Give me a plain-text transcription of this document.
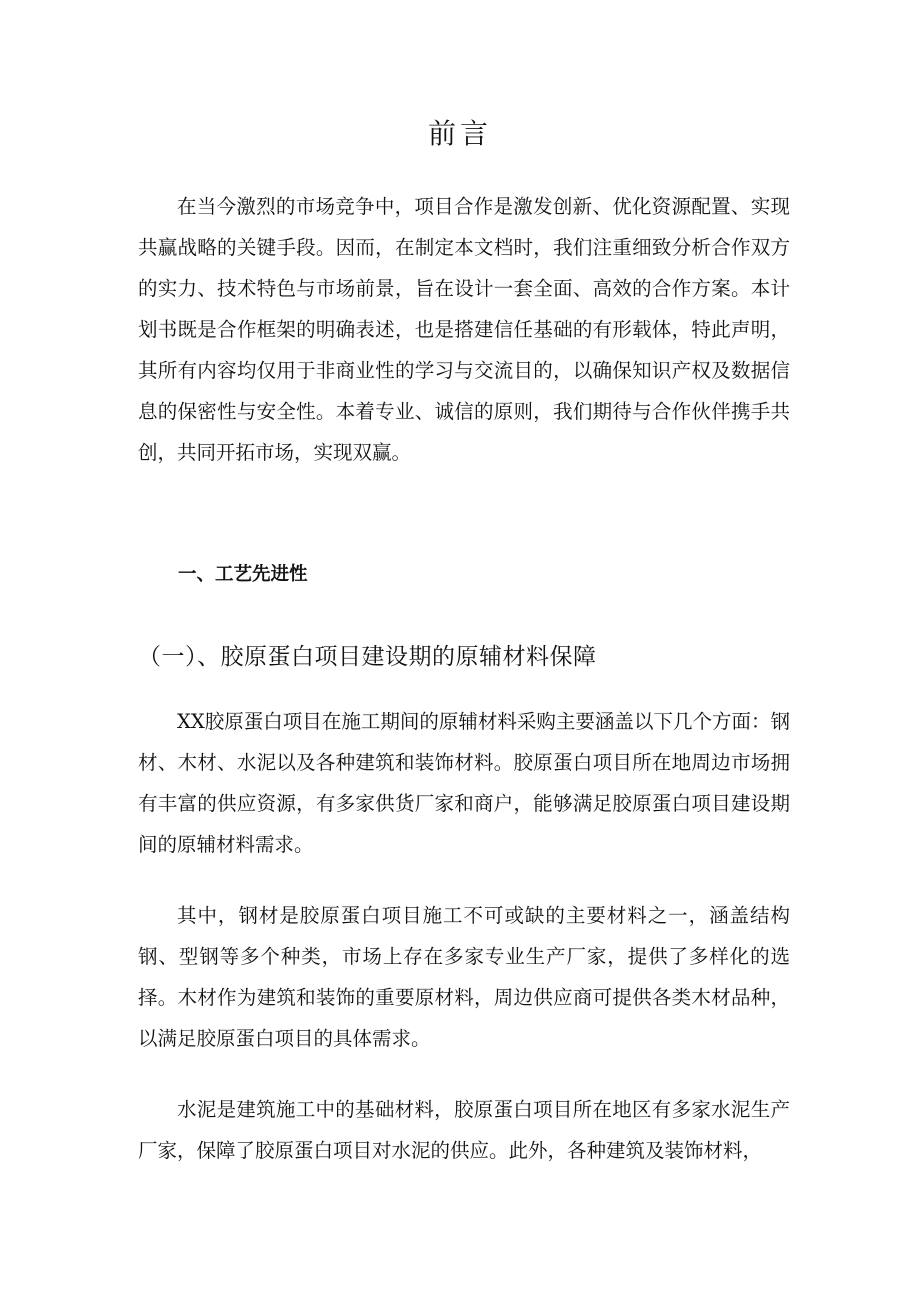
前言

在当今激烈的市场竞争中，项目合作是激发创新、优化资源配置、实现共赢战略的关键手段。因而，在制定本文档时，我们注重细致分析合作双方的实力、技术特色与市场前景，旨在设计一套全面、高效的合作方案。本计划书既是合作框架的明确表述，也是搭建信任基础的有形载体，特此声明，其所有内容均仅用于非商业性的学习与交流目的，以确保知识产权及数据信息的保密性与安全性。本着专业、诚信的原则，我们期待与合作伙伴携手共创，共同开拓市场，实现双赢。

一、工艺先进性
（一）、胶原蛋白项目建设期的原辅材料保障

XX胶原蛋白项目在施工期间的原辅材料采购主要涵盖以下几个方面：钢材、木材、水泥以及各种建筑和装饰材料。胶原蛋白项目所在地周边市场拥有丰富的供应资源，有多家供货厂家和商户，能够满足胶原蛋白项目建设期间的原辅材料需求。

其中，钢材是胶原蛋白项目施工不可或缺的主要材料之一，涵盖结构钢、型钢等多个种类，市场上存在多家专业生产厂家，提供了多样化的选择。木材作为建筑和装饰的重要原材料，周边供应商可提供各类木材品种，以满足胶原蛋白项目的具体需求。

水泥是建筑施工中的基础材料，胶原蛋白项目所在地区有多家水泥生产厂家，保障了胶原蛋白项目对水泥的供应。此外，各种建筑及装饰材料，
